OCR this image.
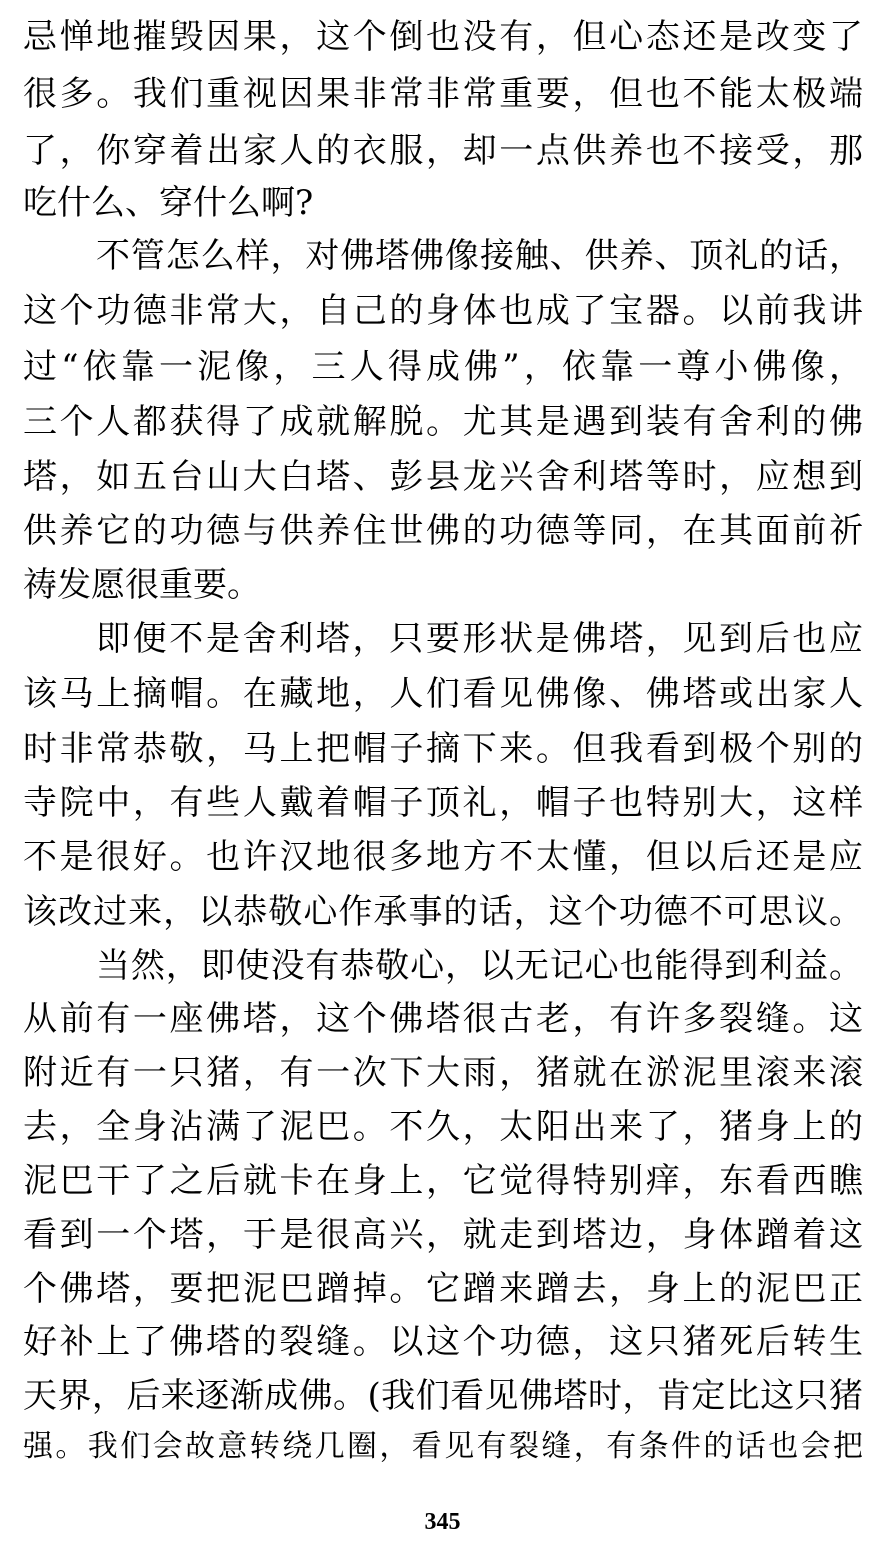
忌惮地摧毁因果，这个倒也没有，但心态还是改变了
很多。我们重视因果非常非常重要，但也不能太极端
了，你穿着出家人的衣服，却一点供养也不接受，那
吃什么、穿什么啊?
不管怎么样，对佛塔佛像接触、供养、顶礼的话，
这个功德非常大，自己的身体也成了宝器。以前我讲
过“依靠一泥像，三人得成佛”，依靠一尊小佛像，
三个人都获得了成就解脱。尤其是遇到装有舍利的佛
塔，如五台山大白塔、彭县龙兴舍利塔等时，应想到
供养它的功德与供养住世佛的功德等同，在其面前祈
祷发愿很重要。
即便不是舍利塔，只要形状是佛塔，见到后也应
该马上摘帽。在藏地，人们看见佛像、佛塔或出家人
时非常恭敬，马上把帽子摘下来。但我看到极个别的
寺院中，有些人戴着帽子顶礼，帽子也特别大，这样
不是很好。也许汉地很多地方不太懂，但以后还是应
该改过来，以恭敬心作承事的话，这个功德不可思议。
当然，即使没有恭敬心，以无记心也能得到利益。
从前有一座佛塔，这个佛塔很古老，有许多裂缝。这
附近有一只猪，有一次下大雨，猪就在淤泥里滚来滚
去，全身沾满了泥巴。不久，太阳出来了，猪身上的
泥巴干了之后就卡在身上，它觉得特别痒，东看西瞧
看到一个塔，于是很高兴，就走到塔边，身体蹭着这
个佛塔，要把泥巴蹭掉。它蹭来蹭去，身上的泥巴正
好补上了佛塔的裂缝。以这个功德，这只猪死后转生
天界，后来逐渐成佛。(我们看见佛塔时，肯定比这只猪
强。我们会故意转绕几圈，看见有裂缝，有条件的话也会把
345
